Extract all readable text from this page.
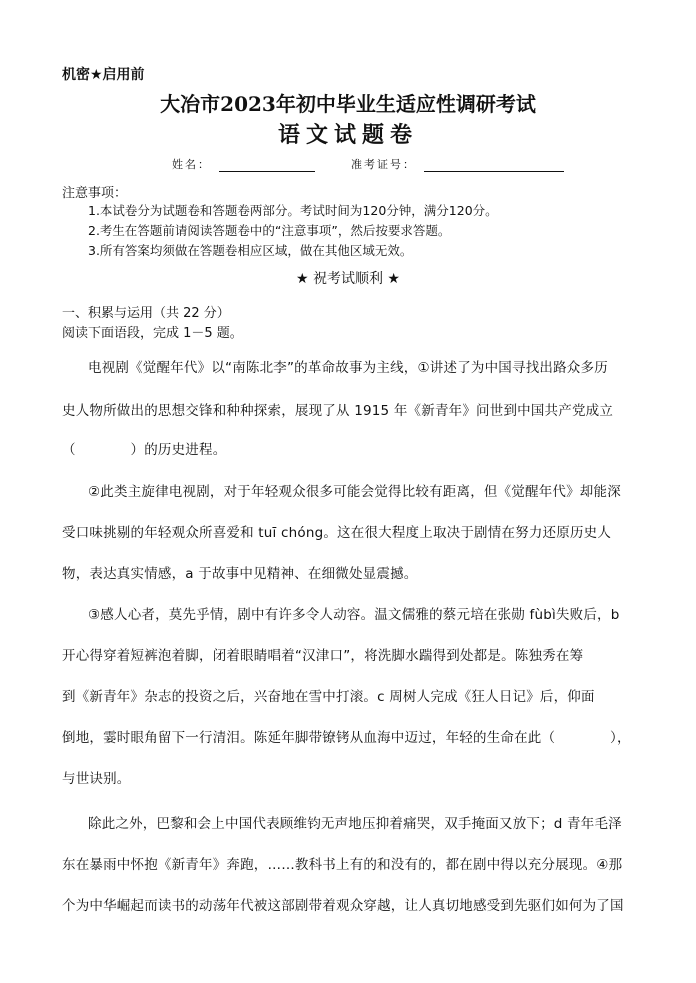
机密★启用前
大冶市2023年初中毕业生适应性调研考试
语文试题卷
姓名：	准考证号：
注意事项：
1.本试卷分为试题卷和答题卷两部分。考试时间为120分钟，满分120分。
2.考生在答题前请阅读答题卷中的“注意事项”，然后按要求答题。
3.所有答案均须做在答题卷相应区域，做在其他区域无效。
★ 祝考试顺利 ★
一、积累与运用（共 22 分）
阅读下面语段，完成 1－5 题。
电视剧《觉醒年代》以“南陈北李”的革命故事为主线，①讲述了为中国寻找出路众多历
史人物所做出的思想交锋和种种探索，展现了从 1915 年《新青年》问世到中国共产党成立
（　　　　）的历史进程。
②此类主旋律电视剧，对于年轻观众很多可能会觉得比较有距离，但《觉醒年代》却能深
受口味挑剔的年轻观众所喜爱和 tuī chóng。这在很大程度上取决于剧情在努力还原历史人
物，表达真实情感，a 于故事中见精神、在细微处显震撼。
③感人心者，莫先乎情，剧中有许多令人动容。温文儒雅的蔡元培在张勋 fùbì失败后，b
开心得穿着短裤泡着脚，闭着眼睛唱着“汉津口”，将洗脚水踹得到处都是。陈独秀在筹
到《新青年》杂志的投资之后，兴奋地在雪中打滚。c 周树人完成《狂人日记》后，仰面
倒地，霎时眼角留下一行清泪。陈延年脚带镣铐从血海中迈过，年轻的生命在此（　　　　），
与世诀别。
除此之外，巴黎和会上中国代表顾维钧无声地压抑着痛哭，双手掩面又放下；d 青年毛泽
东在暴雨中怀抱《新青年》奔跑，……教科书上有的和没有的，都在剧中得以充分展现。④那
个为中华崛起而读书的动荡年代被这部剧带着观众穿越，让人真切地感受到先驱们如何为了国
